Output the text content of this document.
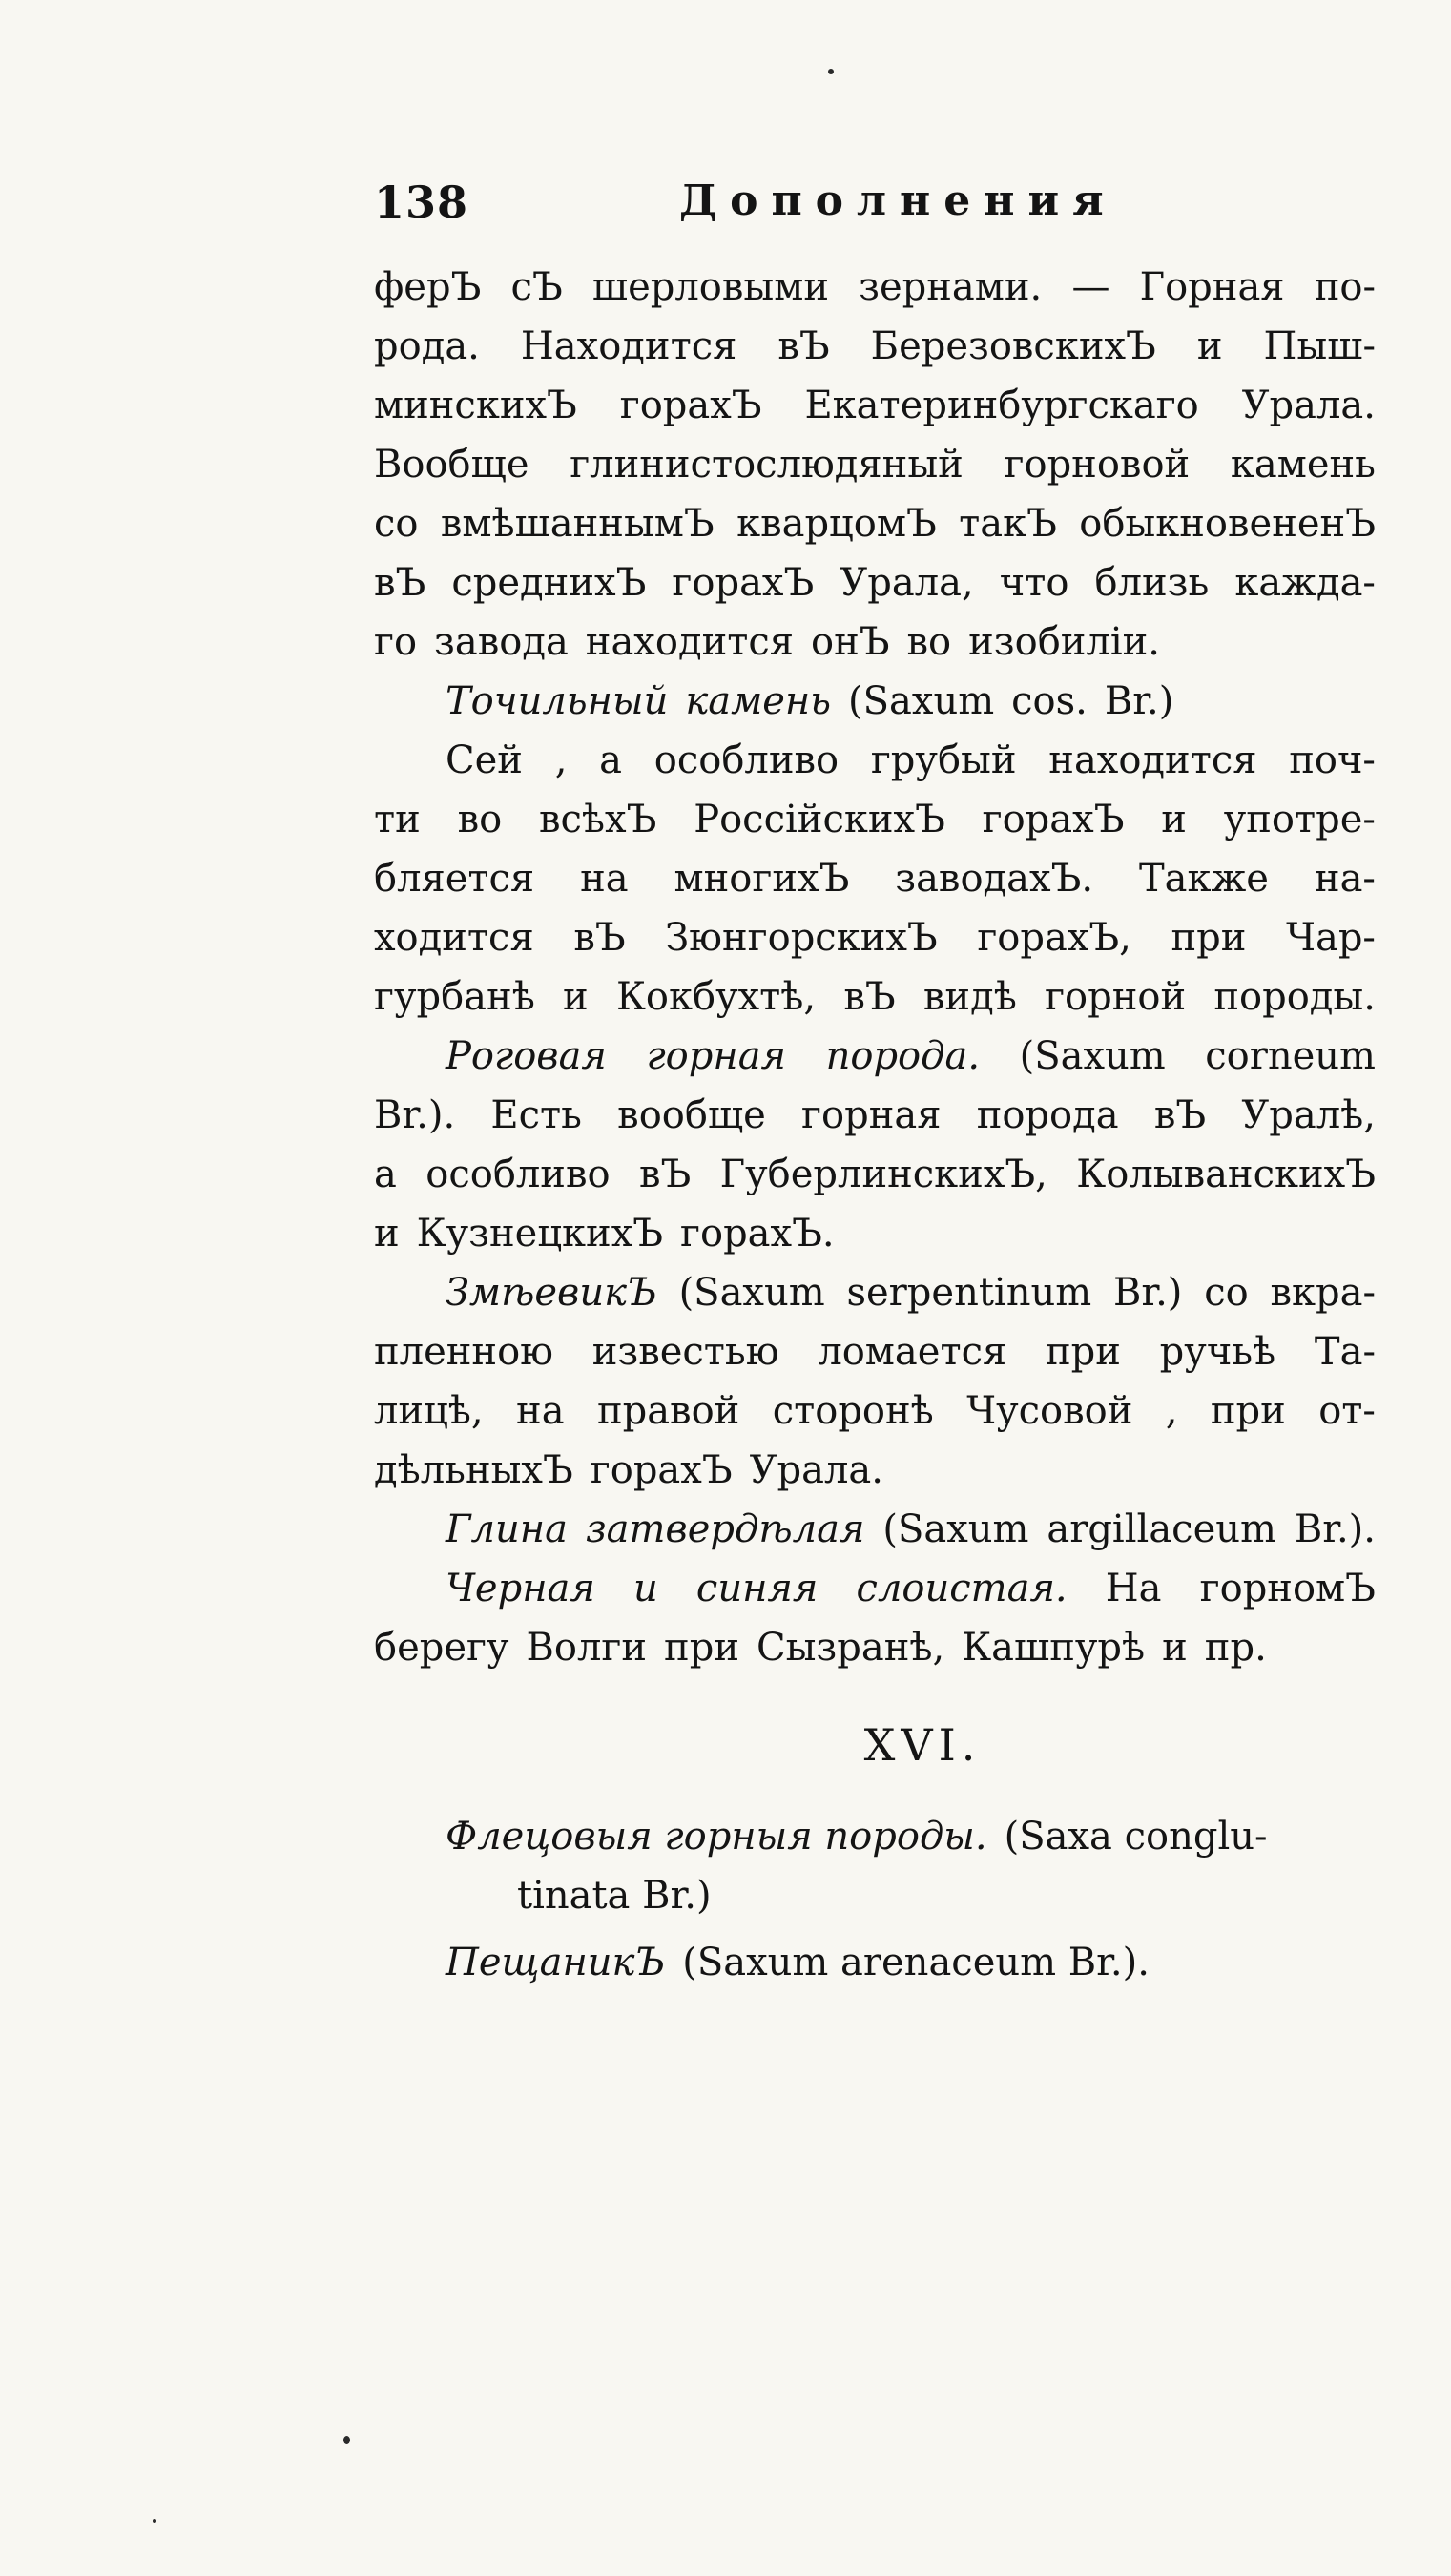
138	Дополнения
ферЪ сЪ шерловыми зернами. — Горная по-
рода. Находится вЪ БерезовскихЪ и Пыш-
минскихЪ горахЪ Екатеринбургскаго Урала.
Вообще глинистослюдяный горновой камень
со вмѣшаннымЪ кварцомЪ такЪ обыкновененЪ
вЪ среднихЪ горахЪ Урала, что близь кажда-
го завода находится онЪ во изобилiи.
Точильный камень (Saxum cos. Br.)
Сей , а особливо грубый находится поч-
ти во всѣхЪ РоссiйскихЪ горахЪ и употре-
бляется на многихЪ заводахЪ. Также на-
ходится вЪ ЗюнгорскихЪ горахЪ, при Чар-
гурбанѣ и Кокбухтѣ, вЪ видѣ горной породы.
Роговая горная порода. (Saxum corneum
Br.). Есть вообще горная порода вЪ Уралѣ,
а особливо вЪ ГуберлинскихЪ, КолыванскихЪ
и КузнецкихЪ горахЪ.
ЗмѣевикЪ (Saxum serpentinum Br.) со вкра-
пленною известью ломается при ручьѣ Та-
лицѣ, на правой сторонѣ Чусовой , при от-
дѣльныхЪ горахЪ Урала.
Глина затвердѣлая (Saxum argillaceum Br.).
Черная и синяя слоистая. На горномЪ
берегу Волги при Сызранѣ, Кашпурѣ и пр.
XVI.
Флецовыя горныя породы. (Saxa conglu-
tinata Br.)
ПещаникЪ (Saxum arenaceum Br.).
